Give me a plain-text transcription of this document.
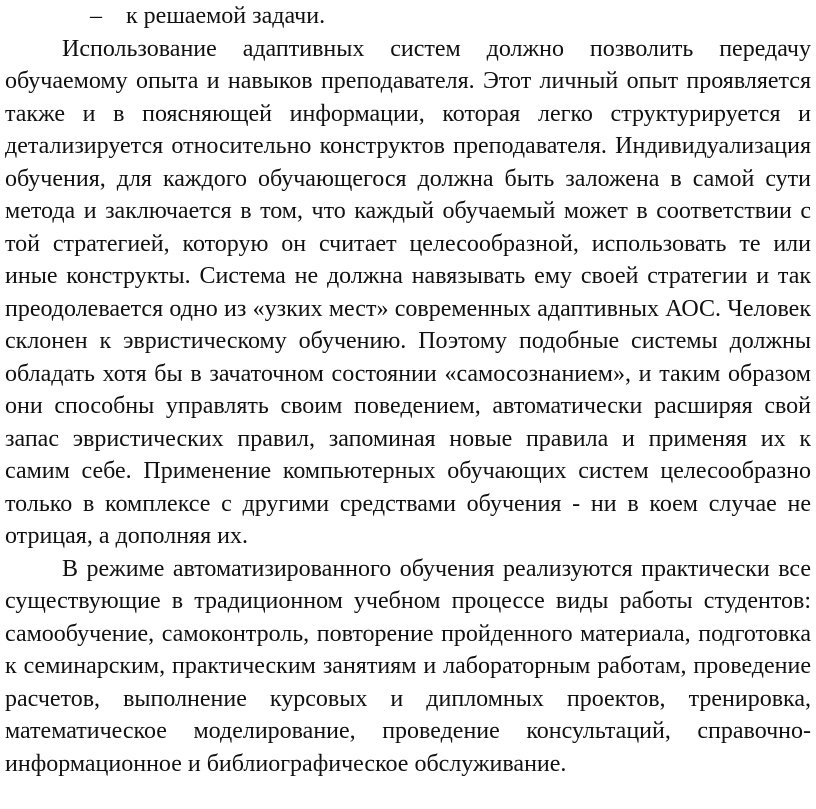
– к решаемой задачи.

Использование адаптивных систем должно позволить передачу обучаемому опыта и навыков преподавателя. Этот личный опыт проявляется также и в поясняющей информации, которая легко структурируется и детализируется относительно конструктов преподавателя. Индивидуализация обучения, для каждого обучающегося должна быть заложена в самой сути метода и заключается в том, что каждый обучаемый может в соответствии с той стратегией, которую он считает целесообразной, использовать те или иные конструкты. Система не должна навязывать ему своей стратегии и так преодолевается одно из «узких мест» современных адаптивных АОС. Человек склонен к эвристическому обучению. Поэтому подобные системы должны обладать хотя бы в зачаточном состоянии «самосознанием», и таким образом они способны управлять своим поведением, автоматически расширяя свой запас эвристических правил, запоминая новые правила и применяя их к самим себе. Применение компьютерных обучающих систем целесообразно только в комплексе с другими средствами обучения - ни в коем случае не отрицая, а дополняя их.

В режиме автоматизированного обучения реализуются практически все существующие в традиционном учебном процессе виды работы студентов: самообучение, самоконтроль, повторение пройденного материала, подготовка к семинарским, практическим занятиям и лабораторным работам, проведение расчетов, выполнение курсовых и дипломных проектов, тренировка, математическое моделирование, проведение консультаций, справочно-информационное и библиографическое обслуживание.
